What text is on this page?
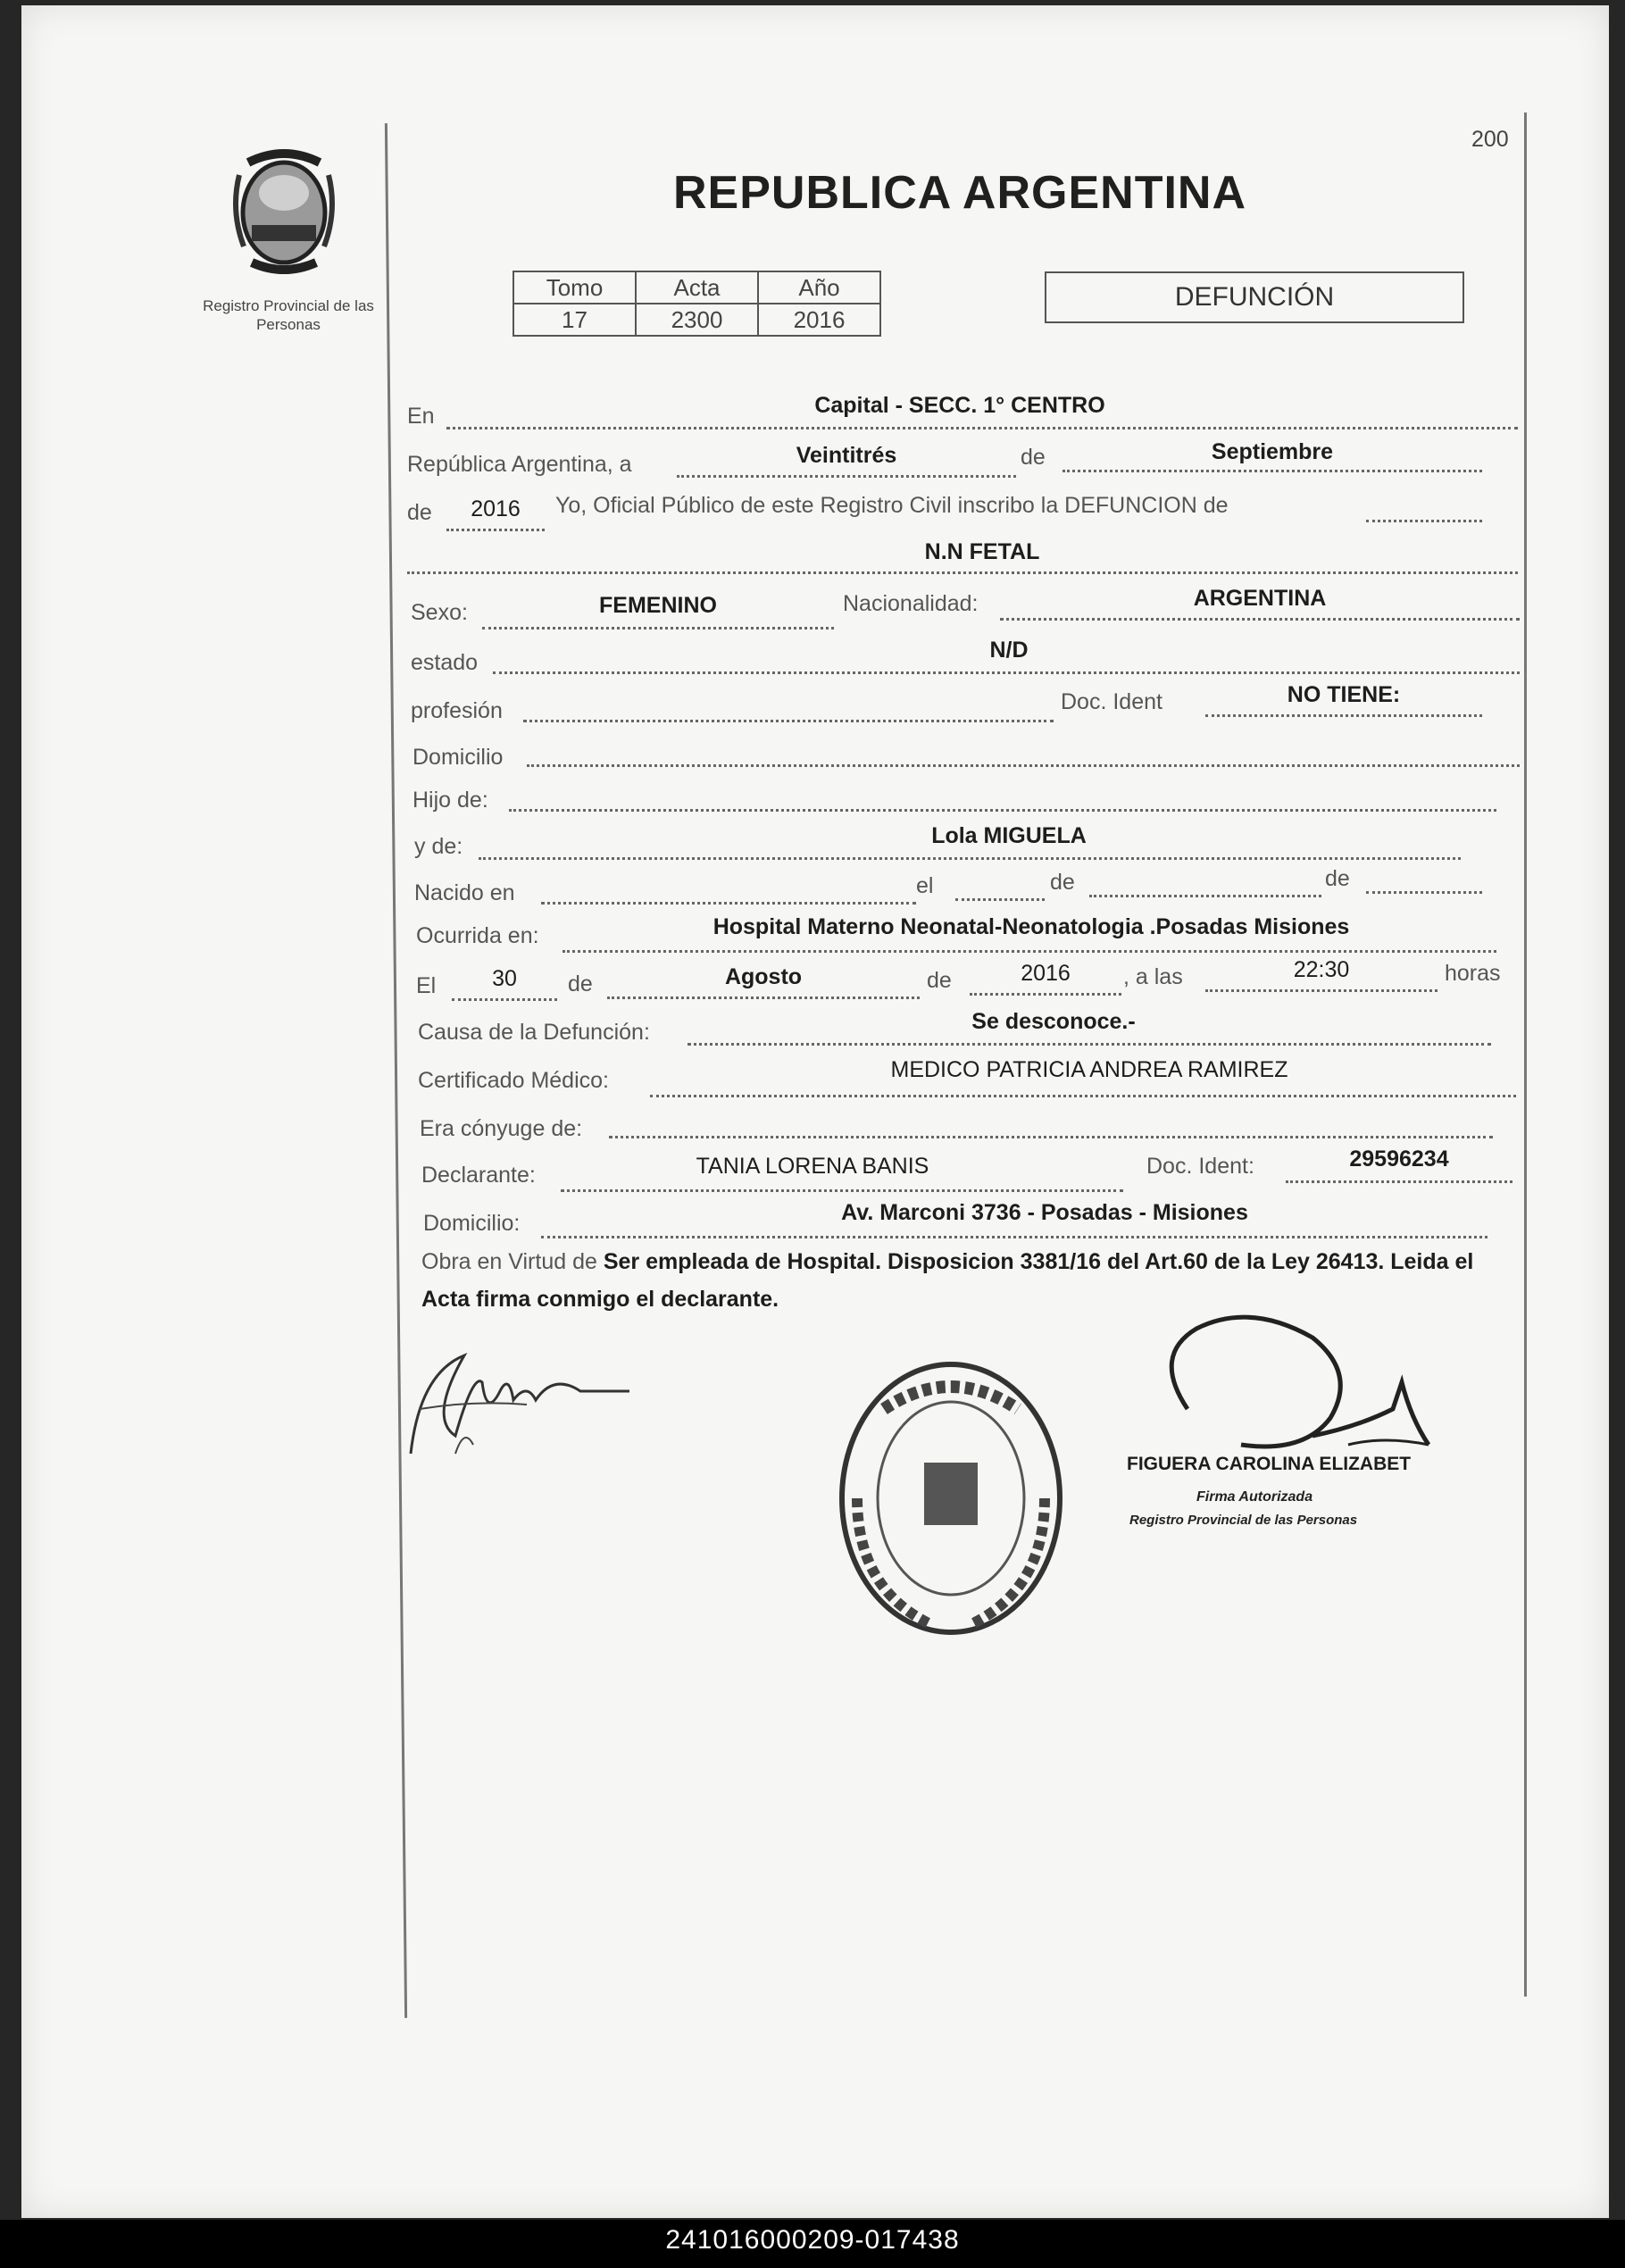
Registro Provincial de las Personas
200
REPUBLICA ARGENTINA
Tomo	Acta	Año
17	2300	2016
DEFUNCIÓN
En	Capital - SECC. 1° CENTRO
República Argentina, a	Veintitrés	de	Septiembre
de	2016	Yo, Oficial Público de este Registro Civil inscribo la DEFUNCION de
N.N FETAL
Sexo:	FEMENINO	Nacionalidad:	ARGENTINA
estado	N/D
profesión	Doc. Ident	NO TIENE:
Domicilio
Hijo de:
y de:	Lola MIGUELA
Nacido en	el	de	de
Ocurrida en:	Hospital Materno Neonatal-Neonatologia .Posadas Misiones
El	30	de	Agosto	de	2016	, a las	22:30	horas
Causa de la Defunción:	Se desconoce.-
Certificado Médico:	MEDICO PATRICIA ANDREA RAMIREZ
Era cónyuge de:
Declarante:	TANIA LORENA BANIS	Doc. Ident:	29596234
Domicilio:	Av. Marconi 3736 - Posadas - Misiones
Obra en Virtud de Ser empleada de Hospital. Disposicion 3381/16 del Art.60 de la Ley 26413. Leida el Acta firma conmigo el declarante.
FIGUERA CAROLINA ELIZABET
Firma Autorizada
Registro Provincial de las Personas
241016000209-017438
